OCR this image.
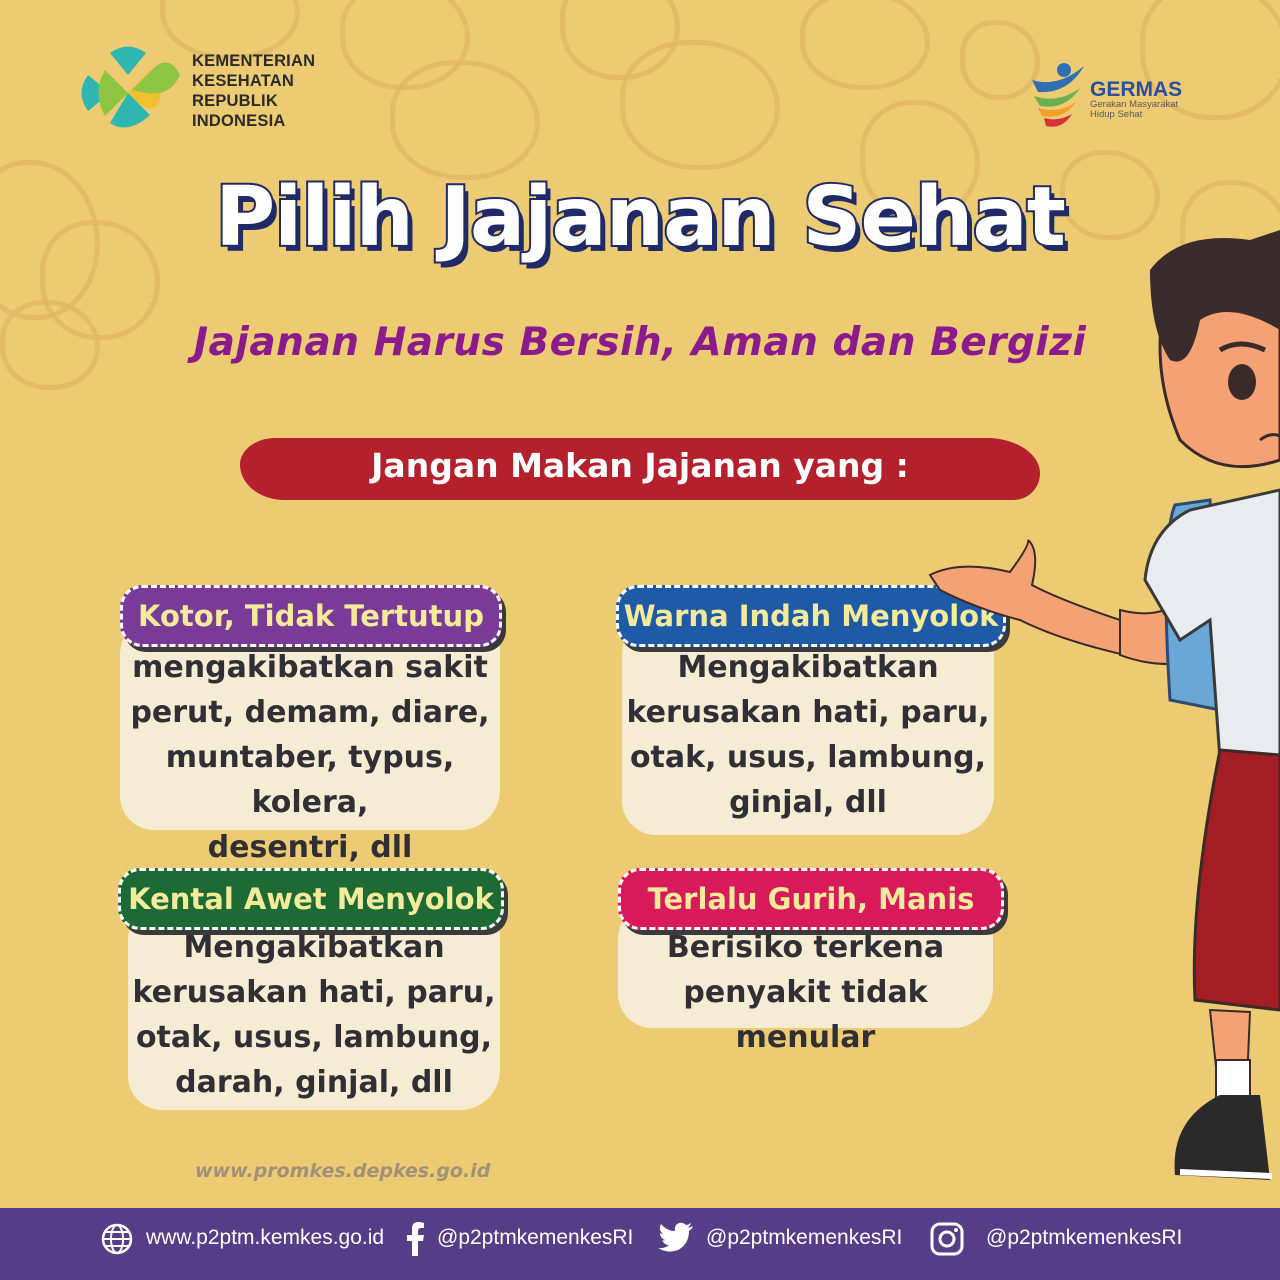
KEMENTERIAN
KESEHATAN
REPUBLIK
INDONESIA
GERMAS
Gerakan Masyarakat Hidup Sehat
Pilih Jajanan Sehat
Jajanan Harus Bersih, Aman dan Bergizi
Jangan Makan Jajanan yang :
mengakibatkan sakit
perut, demam, diare,
muntaber, typus, kolera,
desentri, dll
Kotor, Tidak Tertutup
Mengakibatkan
kerusakan hati, paru,
otak, usus, lambung,
ginjal, dll
Warna Indah Menyolok
Mengakibatkan
kerusakan hati, paru,
otak, usus, lambung,
darah, ginjal, dll
Kental Awet Menyolok
Berisiko terkena
penyakit tidak menular
Terlalu Gurih, Manis
www.promkes.depkes.go.id
www.p2ptm.kemkes.go.id	@p2ptmkemenkesRI	@p2ptmkemenkesRI	@p2ptmkemenkesRI
